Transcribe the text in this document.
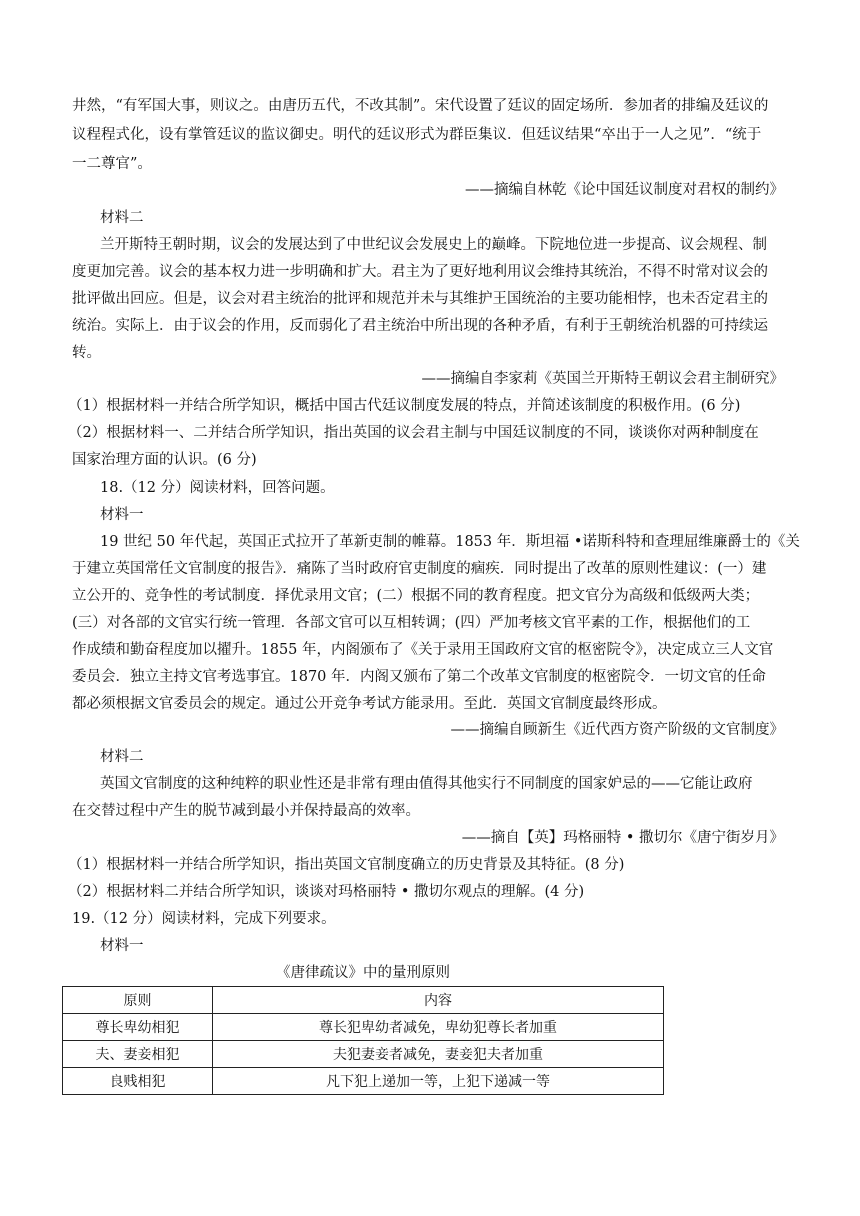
井然，“有军国大事，则议之。由唐历五代，不改其制”。宋代设置了廷议的固定场所．参加者的排编及廷议的
议程程式化，设有掌管廷议的监议御史。明代的廷议形式为群臣集议．但廷议结果“卒出于一人之见”．“统于
一二尊官”。
——摘编自林乾《论中国廷议制度对君权的制约》
材料二
兰开斯特王朝时期，议会的发展达到了中世纪议会发展史上的巅峰。下院地位进一步提高、议会规程、制
度更加完善。议会的基本权力进一步明确和扩大。君主为了更好地利用议会维持其统治，不得不时常对议会的
批评做出回应。但是，议会对君主统治的批评和规范并未与其维护王国统治的主要功能相悖，也未否定君主的
统治。实际上．由于议会的作用，反而弱化了君主统治中所出现的各种矛盾，有利于王朝统治机器的可持续运
转。
——摘编自李家莉《英国兰开斯特王朝议会君主制研究》
（1）根据材料一并结合所学知识，概括中国古代廷议制度发展的特点，并简述该制度的积极作用。(6 分)
（2）根据材料一、二并结合所学知识，指出英国的议会君主制与中国廷议制度的不同，谈谈你对两种制度在
国家治理方面的认识。(6 分)
18.（12 分）阅读材料，回答问题。
材料一
19 世纪 50 年代起，英国正式拉开了革新吏制的帷幕。1853 年．斯坦福 •诺斯科特和查理屈维廉爵士的《关
于建立英国常任文官制度的报告》．痛陈了当时政府官吏制度的痼疾．同时提出了改革的原则性建议：(一）建
立公开的、竞争性的考试制度．择优录用文官；(二）根据不同的教育程度。把文官分为高级和低级两大类；
(三）对各部的文官实行统一管理．各部文官可以互相转调；(四）严加考核文官平素的工作，根据他们的工
作成绩和勤奋程度加以擢升。1855 年，内阁颁布了《关于录用王国政府文官的枢密院令》，决定成立三人文官
委员会．独立主持文官考选事宜。1870 年．内阁又颁布了第二个改革文官制度的枢密院令．一切文官的任命
都必须根据文官委员会的规定。通过公开竞争考试方能录用。至此．英国文官制度最终形成。
——摘编自顾新生《近代西方资产阶级的文官制度》
材料二
英国文官制度的这种纯粹的职业性还是非常有理由值得其他实行不同制度的国家妒忌的——它能让政府
在交替过程中产生的脱节减到最小并保持最高的效率。
——摘自【英】玛格丽特 • 撒切尔《唐宁街岁月》
（1）根据材料一并结合所学知识，指出英国文官制度确立的历史背景及其特征。(8 分)
（2）根据材料二并结合所学知识，谈谈对玛格丽特 • 撒切尔观点的理解。(4 分)
19.（12 分）阅读材料，完成下列要求。
材料一
《唐律疏议》中的量刑原则
原则	内容
尊长卑幼相犯	尊长犯卑幼者减免，卑幼犯尊长者加重
夫、妻妾相犯	夫犯妻妾者减免，妻妾犯夫者加重
良贱相犯	凡下犯上递加一等，上犯下递减一等
